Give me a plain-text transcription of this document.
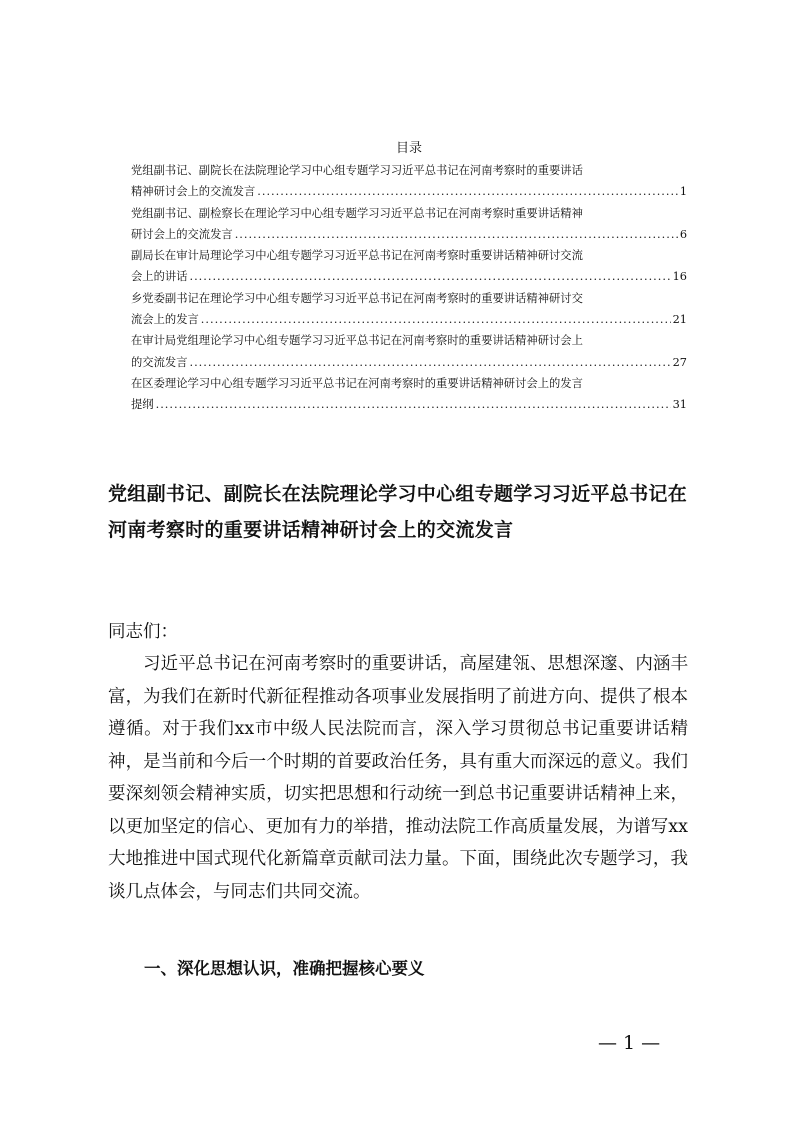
目录
党组副书记、副院长在法院理论学习中心组专题学习习近平总书记在河南考察时的重要讲话
精神研讨会上的交流发言 .....	1
党组副书记、副检察长在理论学习中心组专题学习习近平总书记在河南考察时重要讲话精神
研讨会上的交流发言 .....	6
副局长在审计局理论学习中心组专题学习习近平总书记在河南考察时重要讲话精神研讨交流
会上的讲话 .....	16
乡党委副书记在理论学习中心组专题学习习近平总书记在河南考察时的重要讲话精神研讨交
流会上的发言 .....	21
在审计局党组理论学习中心组专题学习习近平总书记在河南考察时的重要讲话精神研讨会上
的交流发言 .....	27
在区委理论学习中心组专题学习习近平总书记在河南考察时的重要讲话精神研讨会上的发言
提纲 .....	31
党组副书记、副院长在法院理论学习中心组专题学习习近平总书记在河南考察时的重要讲话精神研讨会上的交流发言

同志们：

习近平总书记在河南考察时的重要讲话，高屋建瓴、思想深邃、内涵丰富，为我们在新时代新征程推动各项事业发展指明了前进方向、提供了根本遵循。对于我们xx市中级人民法院而言，深入学习贯彻总书记重要讲话精神，是当前和今后一个时期的首要政治任务，具有重大而深远的意义。我们要深刻领会精神实质，切实把思想和行动统一到总书记重要讲话精神上来，以更加坚定的信心、更加有力的举措，推动法院工作高质量发展，为谱写xx大地推进中国式现代化新篇章贡献司法力量。下面，围绕此次专题学习，我谈几点体会，与同志们共同交流。

一、深化思想认识，准确把握核心要义
— 1 —
